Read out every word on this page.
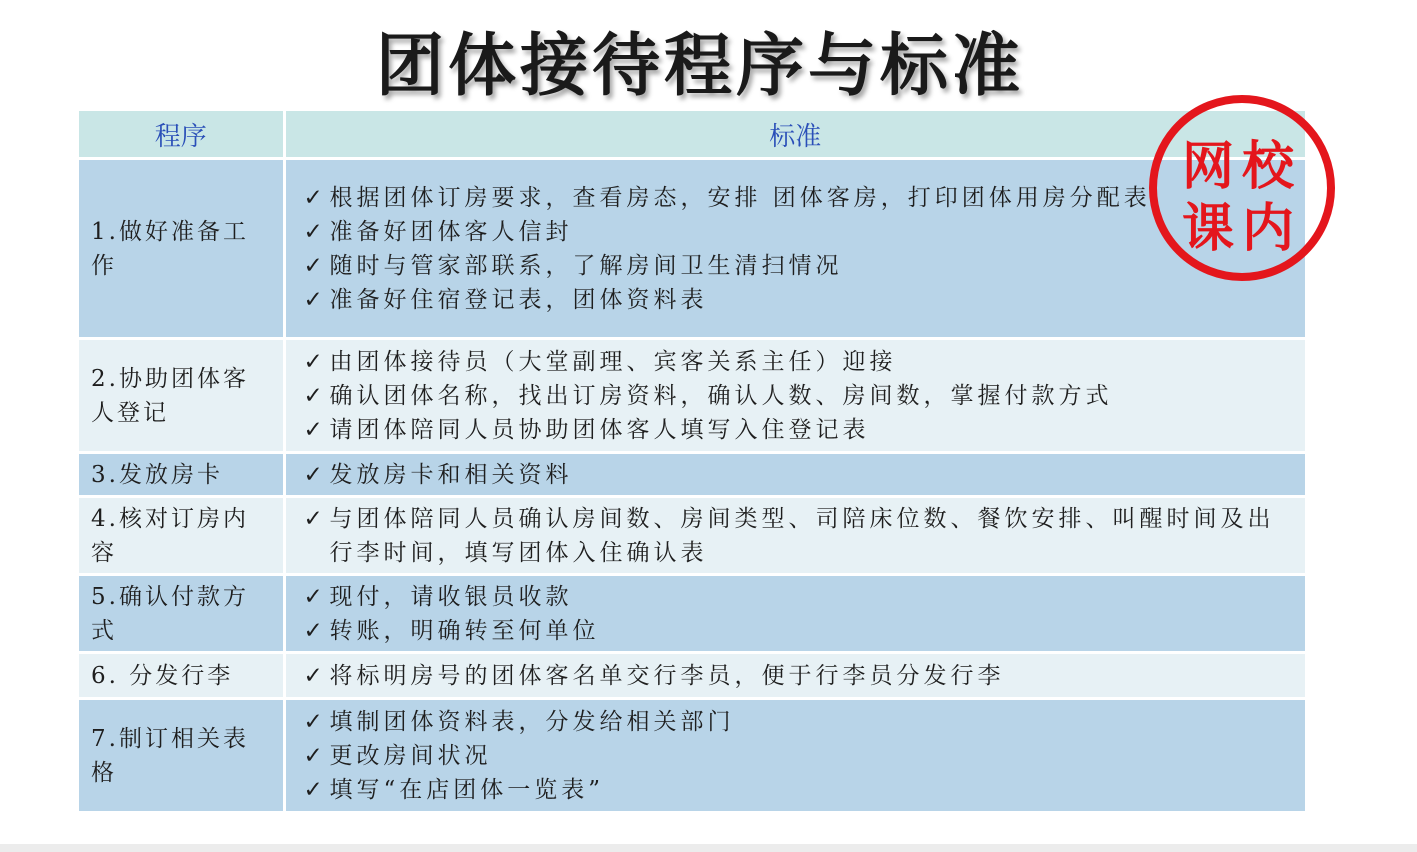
团体接待程序与标准
程序	标准
1.做好准备工作	✓ 根据团体订房要求，查看房态，安排 团体客房，打印团体用房分配表
✓ 准备好团体客人信封
✓ 随时与管家部联系，了解房间卫生清扫情况
✓ 准备好住宿登记表，团体资料表

2.协助团体客人登记	✓ 由团体接待员（大堂副理、宾客关系主任）迎接
✓ 确认团体名称，找出订房资料，确认人数、房间数，掌握付款方式
✓ 请团体陪同人员协助团体客人填写入住登记表

3.发放房卡	✓ 发放房卡和相关资料

4.核对订房内容	✓ 与团体陪同人员确认房间数、房间类型、司陪床位数、餐饮安排、叫醒时间及出行李时间，填写团体入住确认表

5.确认付款方式	✓ 现付，请收银员收款
✓ 转账，明确转至何单位

6. 分发行李	✓ 将标明房号的团体客名单交行李员，便于行李员分发行李

7.制订相关表格	✓ 填制团体资料表，分发给相关部门
✓ 更改房间状况
✓ 填写“在店团体一览表”
网校
课内
